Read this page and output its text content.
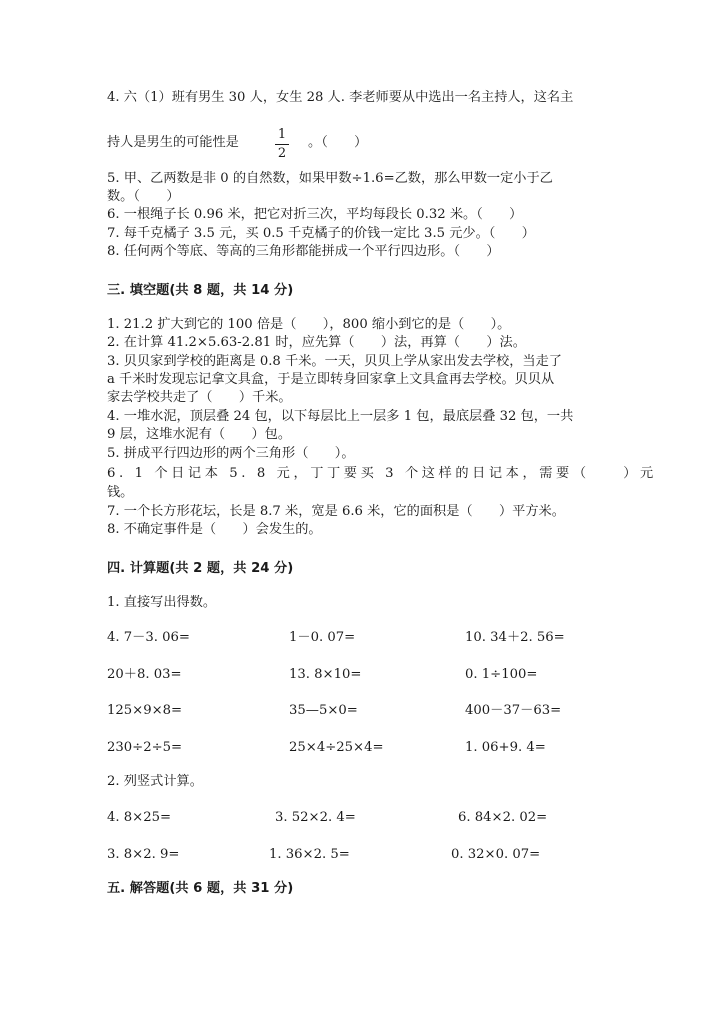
4. 六（1）班有男生 30 人，女生 28 人. 李老师要从中选出一名主持人，这名主
持人是男生的可能性是
1
2
。（　　）
5. 甲、乙两数是非 0 的自然数，如果甲数÷1.6=乙数，那么甲数一定小于乙
数。（　　）
6. 一根绳子长 0.96 米，把它对折三次，平均每段长 0.32 米。（　　）
7. 每千克橘子 3.5 元，买 0.5 千克橘子的价钱一定比 3.5 元少。（　　）
8. 任何两个等底、等高的三角形都能拼成一个平行四边形。（　　）
三. 填空题(共 8 题，共 14 分)
1. 21.2 扩大到它的 100 倍是（　　），800 缩小到它的是（　　）。
2. 在计算 41.2×5.63-2.81 时，应先算（　　）法，再算（　　）法。
3. 贝贝家到学校的距离是 0.8 千米。一天，贝贝上学从家出发去学校，当走了
a 千米时发现忘记拿文具盒，于是立即转身回家拿上文具盒再去学校。贝贝从
家去学校共走了（　　）千米。
4. 一堆水泥，顶层叠 24 包，以下每层比上一层多 1 包，最底层叠 32 包，一共
9 层，这堆水泥有（　　）包。
5. 拼成平行四边形的两个三角形（　　）。
6. 1 个日记本 5. 8 元，丁丁要买 3 个这样的日记本，需要（　　）元
钱。
7. 一个长方形花坛，长是 8.7 米，宽是 6.6 米，它的面积是（　　）平方米。
8. 不确定事件是（　　）会发生的。
四. 计算题(共 2 题，共 24 分)
1. 直接写出得数。
4. 7－3. 06=	1－0. 07=	10. 34＋2. 56=
20＋8. 03=	13. 8×10=	0. 1÷100=
125×9×8=	35—5×0=	400－37－63=
230÷2÷5=	25×4÷25×4=	1. 06+9. 4=
2. 列竖式计算。
4. 8×25=	3. 52×2. 4=	6. 84×2. 02=
3. 8×2. 9=	1. 36×2. 5=	0. 32×0. 07=
五. 解答题(共 6 题，共 31 分)
